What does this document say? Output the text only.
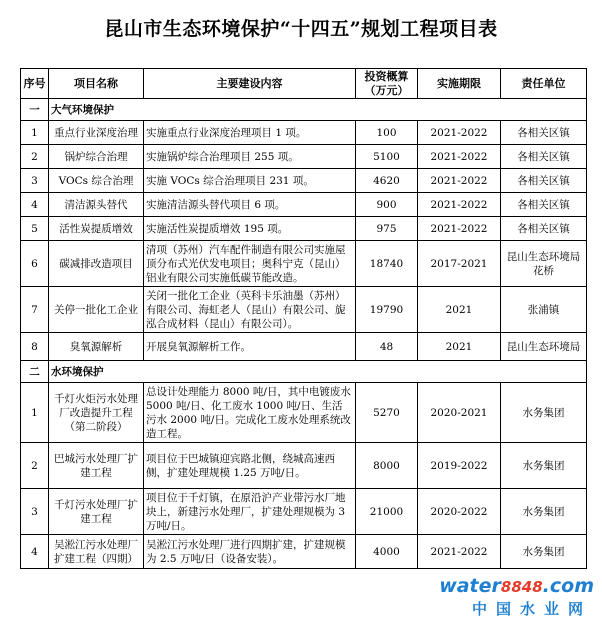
昆山市生态环境保护“十四五”规划工程项目表
序号	项目名称	主要建设内容	投资概算（万元）	实施期限	责任单位
一	大气环境保护				
1	重点行业深度治理	实施重点行业深度治理项目 1 项。	100	2021-2022	各相关区镇
2	锅炉综合治理	实施锅炉综合治理项目 255 项。	5100	2021-2022	各相关区镇
3	VOCs 综合治理	实施 VOCs 综合治理项目 231 项。	4620	2021-2022	各相关区镇
4	清洁源头替代	实施清洁源头替代项目 6 项。	900	2021-2022	各相关区镇
5	活性炭提质增效	实施活性炭提质增效 195 项。	975	2021-2022	各相关区镇
6	碳减排改造项目	清项（苏州）汽车配件制造有限公司实施屋顶分布式光伏发电项目；奥科宁克（昆山）铝业有限公司实施低碳节能改造。	18740	2017-2021	昆山生态环境局花桥
7	关停一批化工企业	关闭一批化工企业（英科卡乐油墨（苏州）有限公司、海虹老人（昆山）有限公司、旎泓合成材料（昆山）有限公司）。	19790	2021	张浦镇
8	臭氧源解析	开展臭氧源解析工作。	48	2021	昆山生态环境局
二	水环境保护				
1	千灯火炬污水处理厂改造提升工程（第二阶段）	总设计处理能力 8000 吨/日，其中电镀废水 5000 吨/日、化工废水 1000 吨/日、生活污水 2000 吨/日。完成化工废水处理系统改造工程。	5270	2020-2021	水务集团
2	巴城污水处理厂扩建工程	项目位于巴城镇迎宾路北侧，绕城高速西侧，扩建处理规模 1.25 万吨/日。	8000	2019-2022	水务集团
3	千灯污水处理厂扩建工程	项目位于千灯镇，在原沿沪产业带污水厂地块上，新建污水处理厂，扩建处理规模为 3 万吨/日。	21000	2020-2022	水务集团
4	吴淞江污水处理厂扩建工程（四期）	吴淞江污水处理厂进行四期扩建，扩建规模为 2.5 万吨/日（设备安装）。	4000	2021-2022	水务集团
water8848.com
中国水业网
